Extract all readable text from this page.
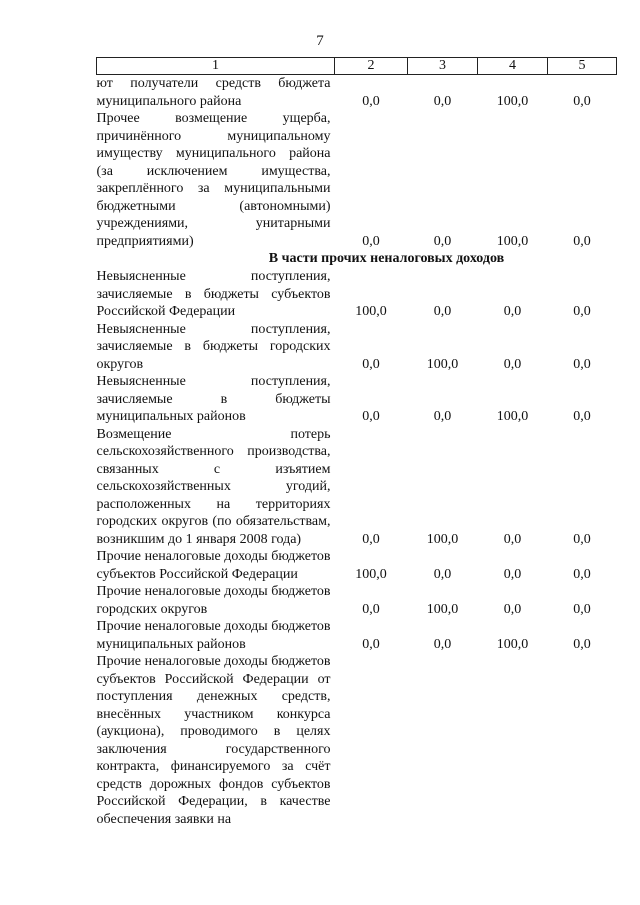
7
1	2	3	4	5
ют получатели средств бюджета муниципального района	0,0	0,0	100,0	0,0
Прочее возмещение ущерба, причинённого муниципальному имуществу муниципального района (за исключением имущества, закреплённого за муниципальными бюджетными (автономными) учреждениями, унитарными предприятиями)	0,0	0,0	100,0	0,0
В части прочих неналоговых доходов				
Невыясненные поступления, зачисляемые в бюджеты субъектов Российской Федерации	100,0	0,0	0,0	0,0
Невыясненные поступления, зачисляемые в бюджеты городских округов	0,0	100,0	0,0	0,0
Невыясненные поступления, зачисляемые в бюджеты муниципальных районов	0,0	0,0	100,0	0,0
Возмещение потерь сельскохозяйственного производства, связанных с изъятием сельскохозяйственных угодий, расположенных на территориях городских округов (по обязательствам, возникшим до 1 января 2008 года)	0,0	100,0	0,0	0,0
Прочие неналоговые доходы бюджетов субъектов Российской Федерации	100,0	0,0	0,0	0,0
Прочие неналоговые доходы бюджетов городских округов	0,0	100,0	0,0	0,0
Прочие неналоговые доходы бюджетов муниципальных районов	0,0	0,0	100,0	0,0
Прочие неналоговые доходы бюджетов субъектов Российской Федерации от поступления денежных средств, внесённых участником конкурса (аукциона), проводимого в целях заключения государственного контракта, финансируемого за счёт средств дорожных фондов субъектов Российской Федерации, в качестве обеспечения заявки на				
